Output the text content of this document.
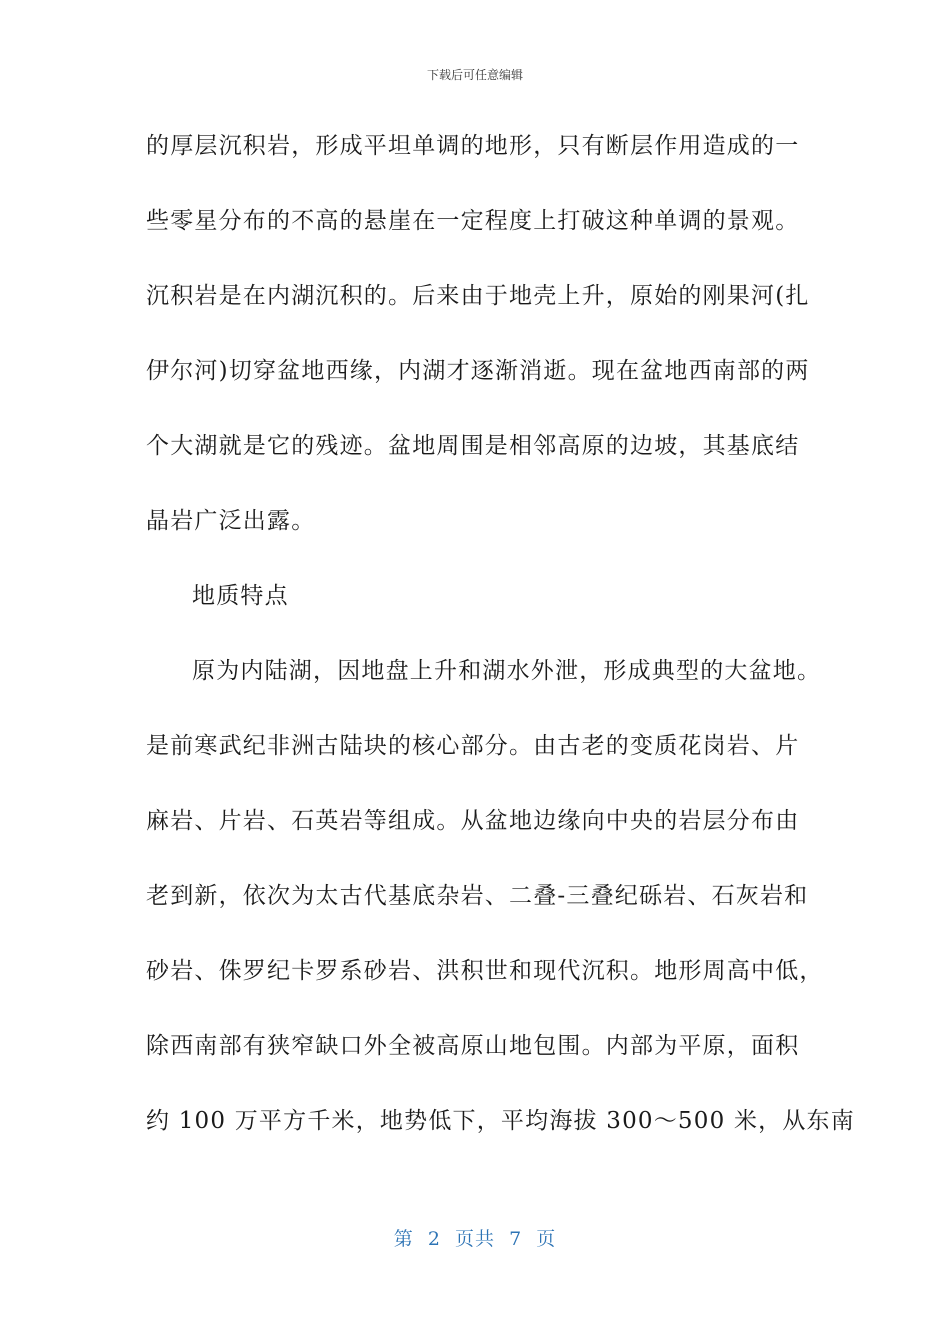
下载后可任意编辑
的厚层沉积岩，形成平坦单调的地形，只有断层作用造成的一
些零星分布的不高的悬崖在一定程度上打破这种单调的景观。
沉积岩是在内湖沉积的。后来由于地壳上升，原始的刚果河(扎
伊尔河)切穿盆地西缘，内湖才逐渐消逝。现在盆地西南部的两
个大湖就是它的残迹。盆地周围是相邻高原的边坡，其基底结
晶岩广泛出露。
地质特点
原为内陆湖，因地盘上升和湖水外泄，形成典型的大盆地。
是前寒武纪非洲古陆块的核心部分。由古老的变质花岗岩、片
麻岩、片岩、石英岩等组成。从盆地边缘向中央的岩层分布由
老到新，依次为太古代基底杂岩、二叠-三叠纪砾岩、石灰岩和
砂岩、侏罗纪卡罗系砂岩、洪积世和现代沉积。地形周高中低，
除西南部有狭窄缺口外全被高原山地包围。内部为平原，面积
约 100 万平方千米，地势低下，平均海拔 300～500 米，从东南
第  2  页共  7  页
